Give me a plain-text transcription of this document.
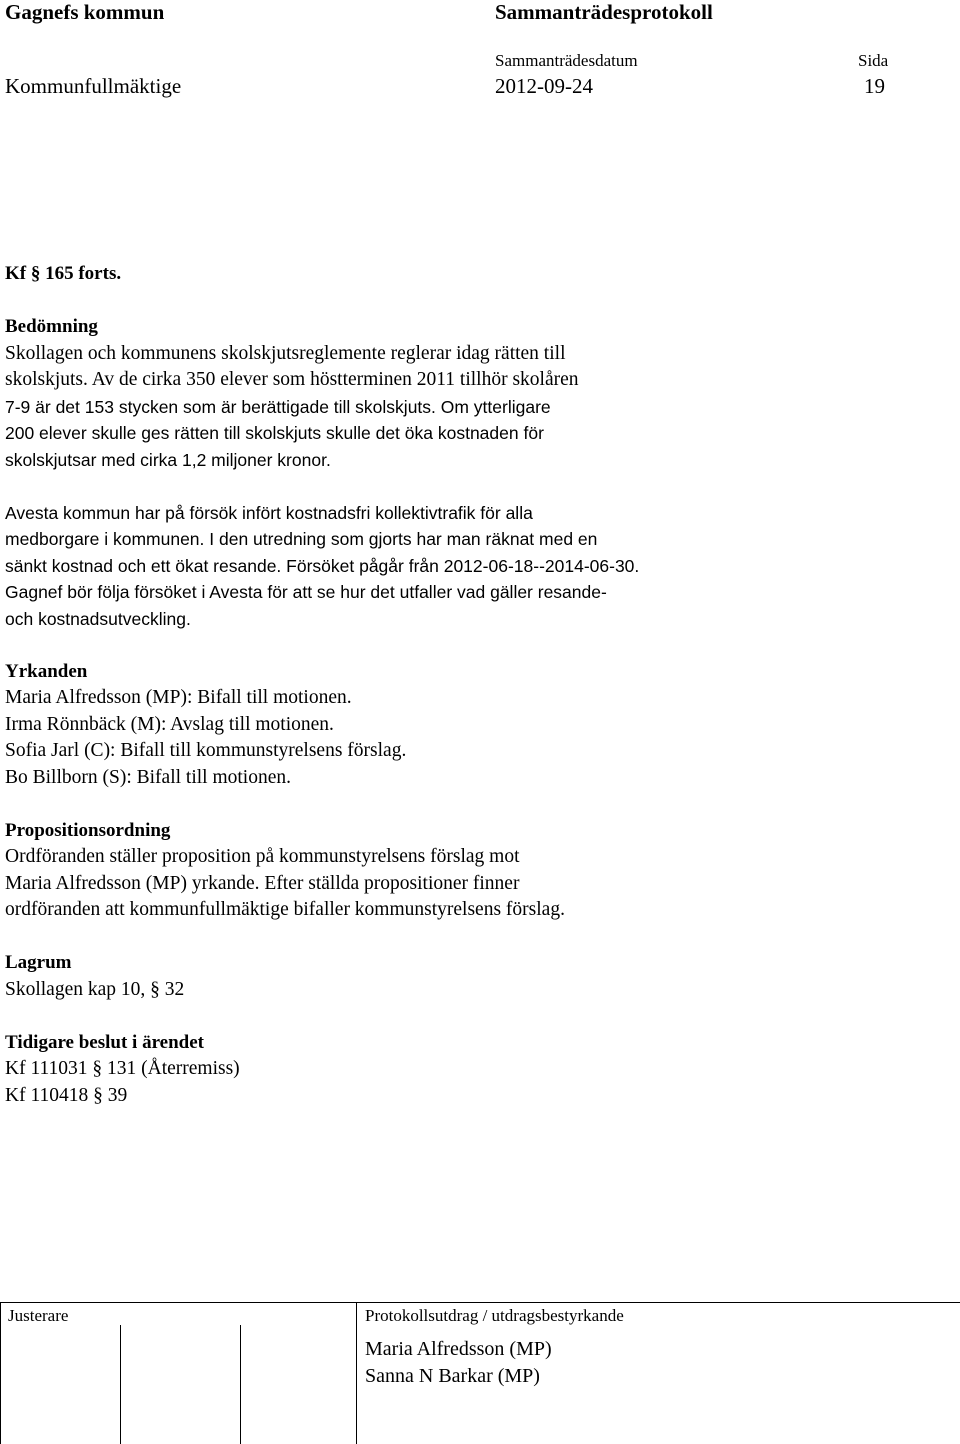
Gagnefs kommun	Sammanträdesprotokoll
Sammanträdesdatum	Sida
Kommunfullmäktige	2012-09-24	19

Kf § 165 forts.

Bedömning

Skollagen och kommunens skolskjutsreglemente reglerar idag rätten till

skolskjuts. Av de cirka 350 elever som höstterminen 2011 tillhör skolåren

7-9 är det 153 stycken som är berättigade till skolskjuts. Om ytterligare

200 elever skulle ges rätten till skolskjuts skulle det öka kostnaden för

skolskjutsar med cirka 1,2 miljoner kronor.

Avesta kommun har på försök infört kostnadsfri kollektivtrafik för alla

medborgare i kommunen. I den utredning som gjorts har man räknat med en

sänkt kostnad och ett ökat resande. Försöket pågår från 2012-06-18--2014-06-30.

Gagnef bör följa försöket i Avesta för att se hur det utfaller vad gäller resande-

och kostnadsutveckling.

Yrkanden

Maria Alfredsson (MP): Bifall till motionen.

Irma Rönnbäck (M): Avslag till motionen.

Sofia Jarl (C): Bifall till kommunstyrelsens förslag.

Bo Billborn (S): Bifall till motionen.

Propositionsordning

Ordföranden ställer proposition på kommunstyrelsens förslag mot

Maria Alfredsson (MP) yrkande. Efter ställda propositioner finner

ordföranden att kommunfullmäktige bifaller kommunstyrelsens förslag.

Lagrum

Skollagen kap 10, § 32

Tidigare beslut i ärendet

Kf 111031 § 131 (Återremiss)

Kf 110418 § 39

Justerare	Protokollsutdrag / utdragsbestyrkande
Maria Alfredsson (MP)
Sanna N Barkar (MP)
